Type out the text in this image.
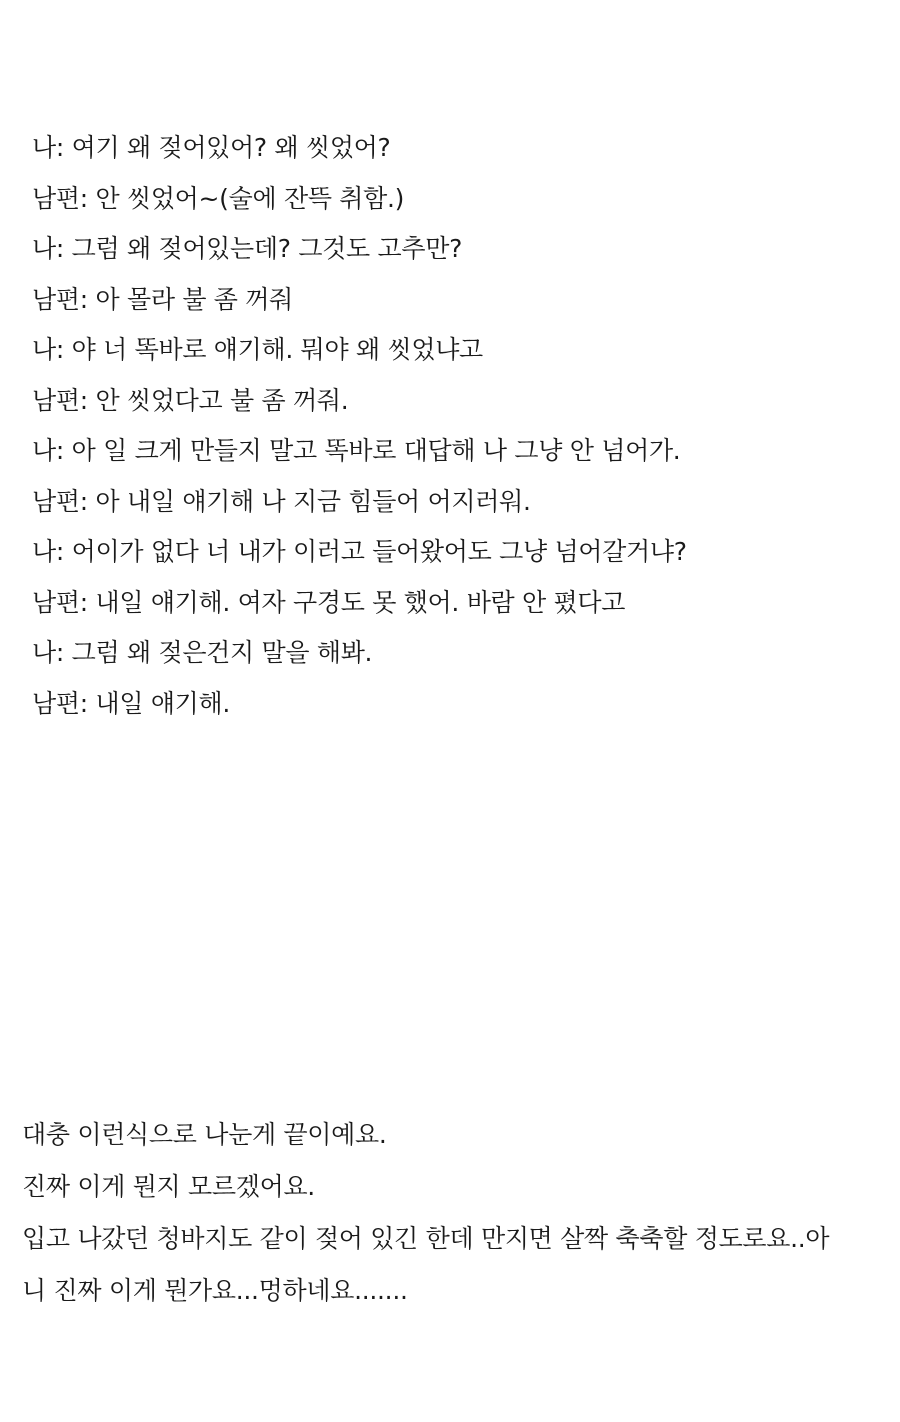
나: 여기 왜 젖어있어? 왜 씻었어?
남편: 안 씻었어~(술에 잔뜩 취함.)
나: 그럼 왜 젖어있는데? 그것도 고추만?
남편: 아 몰라 불 좀 꺼줘
나: 야 너 똑바로 얘기해. 뭐야 왜 씻었냐고
남편: 안 씻었다고 불 좀 꺼줘.
나: 아 일 크게 만들지 말고 똑바로 대답해 나 그냥 안 넘어가.
남편: 아 내일 얘기해 나 지금 힘들어 어지러워.
나: 어이가 없다 너 내가 이러고 들어왔어도 그냥 넘어갈거냐?
남편: 내일 얘기해. 여자 구경도 못 했어. 바람 안 폈다고
나: 그럼 왜 젖은건지 말을 해봐.
남편: 내일 얘기해.
대충 이런식으로 나눈게 끝이예요.
진짜 이게 뭔지 모르겠어요.
입고 나갔던 청바지도 같이 젖어 있긴 한데 만지면 살짝 축축할 정도로요..아
니 진짜 이게 뭔가요...멍하네요.......
